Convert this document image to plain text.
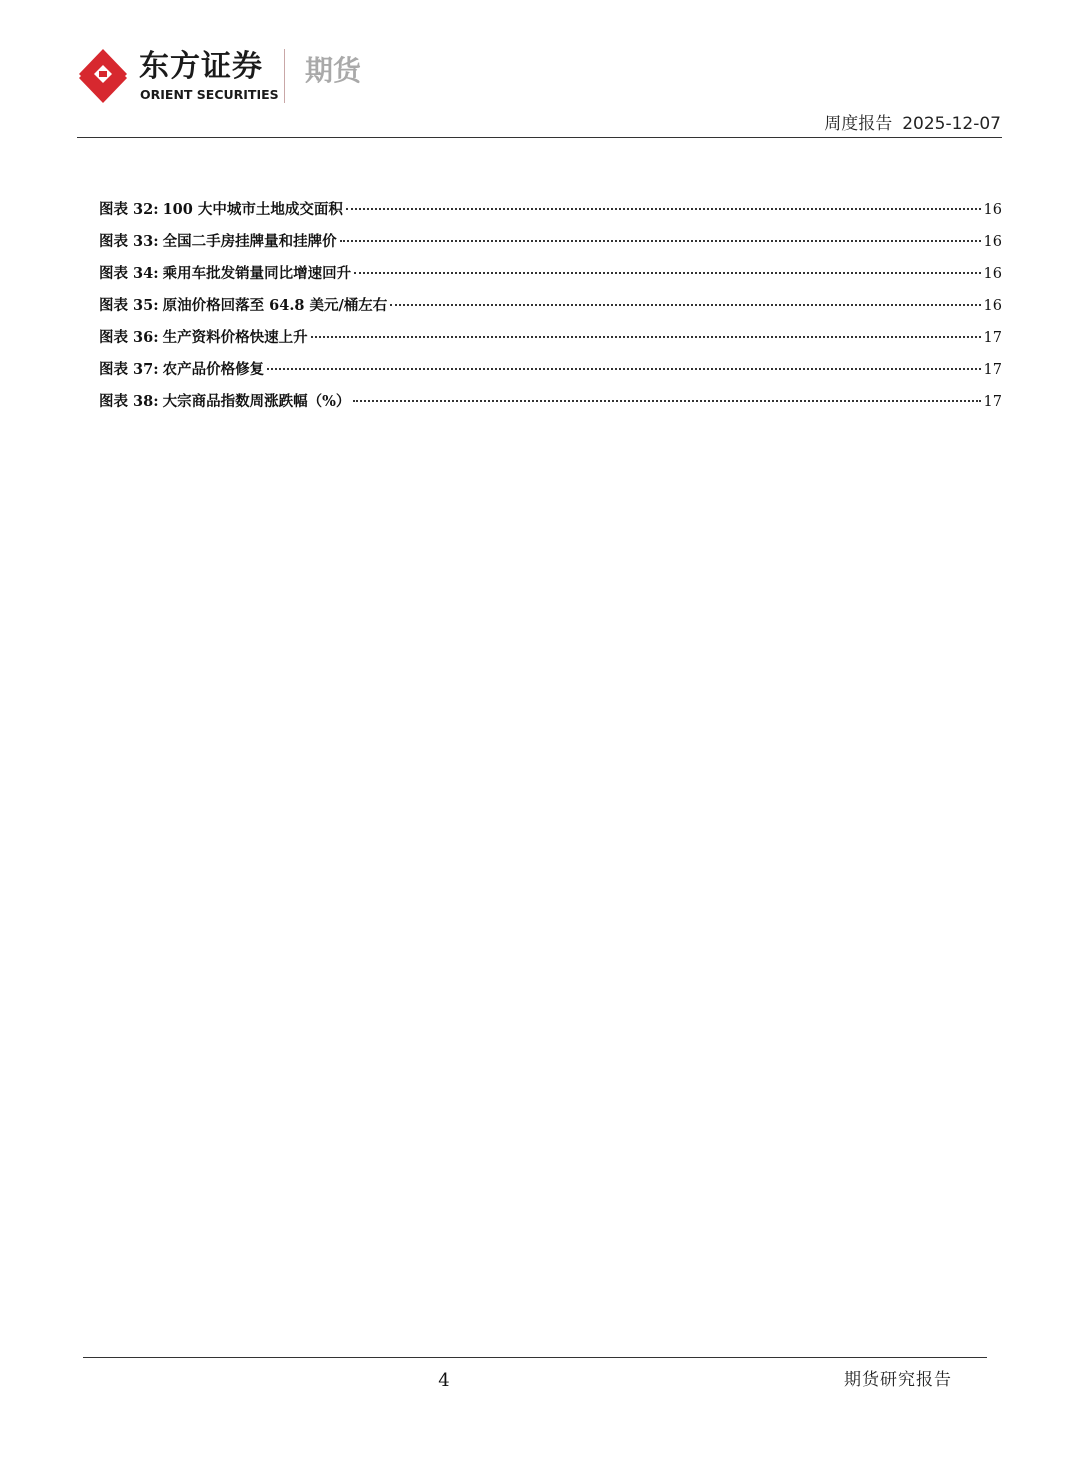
东方证券
ORIENT SECURITIES
期货
周度报告 2025-12-07
图表 32 : 100 大中城市土地成交面积	16
图表 33 : 全国二手房挂牌量和挂牌价	16
图表 34 : 乘用车批发销量同比增速回升	16
图表 35 : 原油价格回落至 64.8 美元/桶左右	16
图表 36 : 生产资料价格快速上升	17
图表 37 : 农产品价格修复	17
图表 38 : 大宗商品指数周涨跌幅（%）	17
4	期货研究报告
